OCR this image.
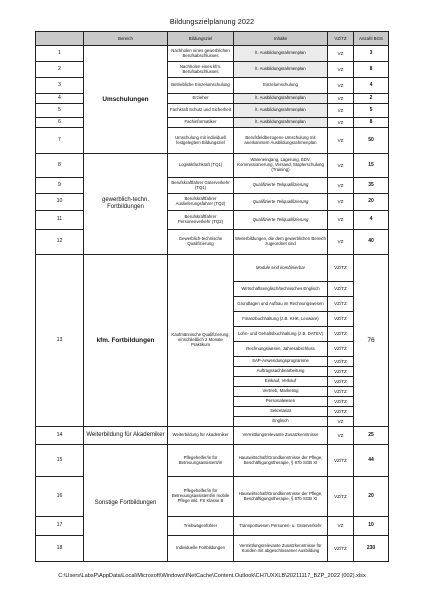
Bildungszielplanung 2022
	Bereich	Bildungsziel	Inhalte	VZ/TZ	Anzahl BGS
1	Umschulungen	Nachholen eines gewerblichen Berufsabschlusses	lt. Ausbildungsrahmenplan	VZ	3
2		Nachholen eines kfm. Berufsabschlusses	lt. Ausbildungsrahmenplan	VZ	8
3		Betriebliche Einzelumschulung	Einzelumschulung	VZ	4
4		Erzieher	lt. Ausbildungsrahmenplan	VZ	2
5		Fachkraft Schutz und Sicherheit	lt. Ausbildungsrahmenplan	VZ	5
6		Fachinformatiker	lt. Ausbildungsrahmenplan	VZ	8
7		Umschulung mit individuell festgelegtem Bildungsziel	Berufsfeldbezogene Umschulung mit anerkanntem Ausbildungsrahmenplan	VZ	50
8	gewerblich-techn. Fortbildungen	Logistikfachkraft (TQ1)	Wareneingang, Lagerung, EDV, Kommissionierung, Versand, Staplerschulung (Training)	VZ	15
9		Berufskraftfahrer Güterverkehr (TQ1)	Qualifizierte Teilqualifizierung	VZ	35
10		Berufskraftfahrer Auslieferungsfahrer (TQ2)	Qualifizierte Teilqualifizierung	VZ	20
11		Berufskraftfahrer Personenverkehr (TQ2)	Qualifizierte Teilqualifizierung	VZ	4
12		Gewerblich-technische Qualifizierung	Weiterbildungen, die dem gewerblichen Bereich zugeordnet sind	VZ	40
13	kfm. Fortbildungen	Kaufmännische Qualifizierung, einschließlich 2 Monate Praktikum	Module sind kombinierbar	VZ/TZ	76
			Wirtschaftsenglisch/technisches Englisch	VZ/TZ	
			Grundlagen und Aufbau im Rechnungswesen	VZ/TZ	
			Finanzbuchhaltung (z.B. KHK, Lexware)	VZ/TZ	
			Lohn- und Gehaltsbuchhaltung (z.B. DATEV)	VZ/TZ	
			Rechnungswesen, Jahresabschluss	VZ/TZ	
			SAP-Anwendungsprogramme	VZ/TZ	
			Auftragssachbearbeitung	VZ/TZ	
			Einkauf, Verkauf	VZ/TZ	
			Vertrieb, Marketing	VZ/TZ	
			Personalwesen	VZ/TZ	
			Sekretariat	VZ/TZ	
			Englisch	VZ	
14	Weiterbildung für Akademiker	Weiterbildung für Akademiker	Vermittlungsrelevante Zusatzkenntnisse	VZ	25
15	Sonstige Fortbildungen	Pflegehelfer/in für Betreuungsassistent/in	Hauswirtschaft/Grundkenntnisse der Pflege, Beschäftigungstherapie, § 87b SGB XI	VZ/TZ	44
16		Pflegehelfer/in für Betreuungsassistent/in mobile Pflege inkl. FS Klasse B	Hauswirtschaft/Grundkenntnisse der Pflege, Beschäftigungstherapie, § 87b SGB XI	VZ/TZ	20
17		Triebwagenführer	Transportwesen Personen- u. Güterverkehr	VZ	10
18		Individuelle Fortbildungen	Vermittlungsrelevante Zusatzkenntnisse für Kunden mit abgeschlossener Ausbildung	VZ/TZ	230
C:\Users\LabsP\AppData\Local\Microsoft\Windows\INetCache\Content.Outlook\CH7UXXLB\20211117_BZP_2022 (002).xlsx
